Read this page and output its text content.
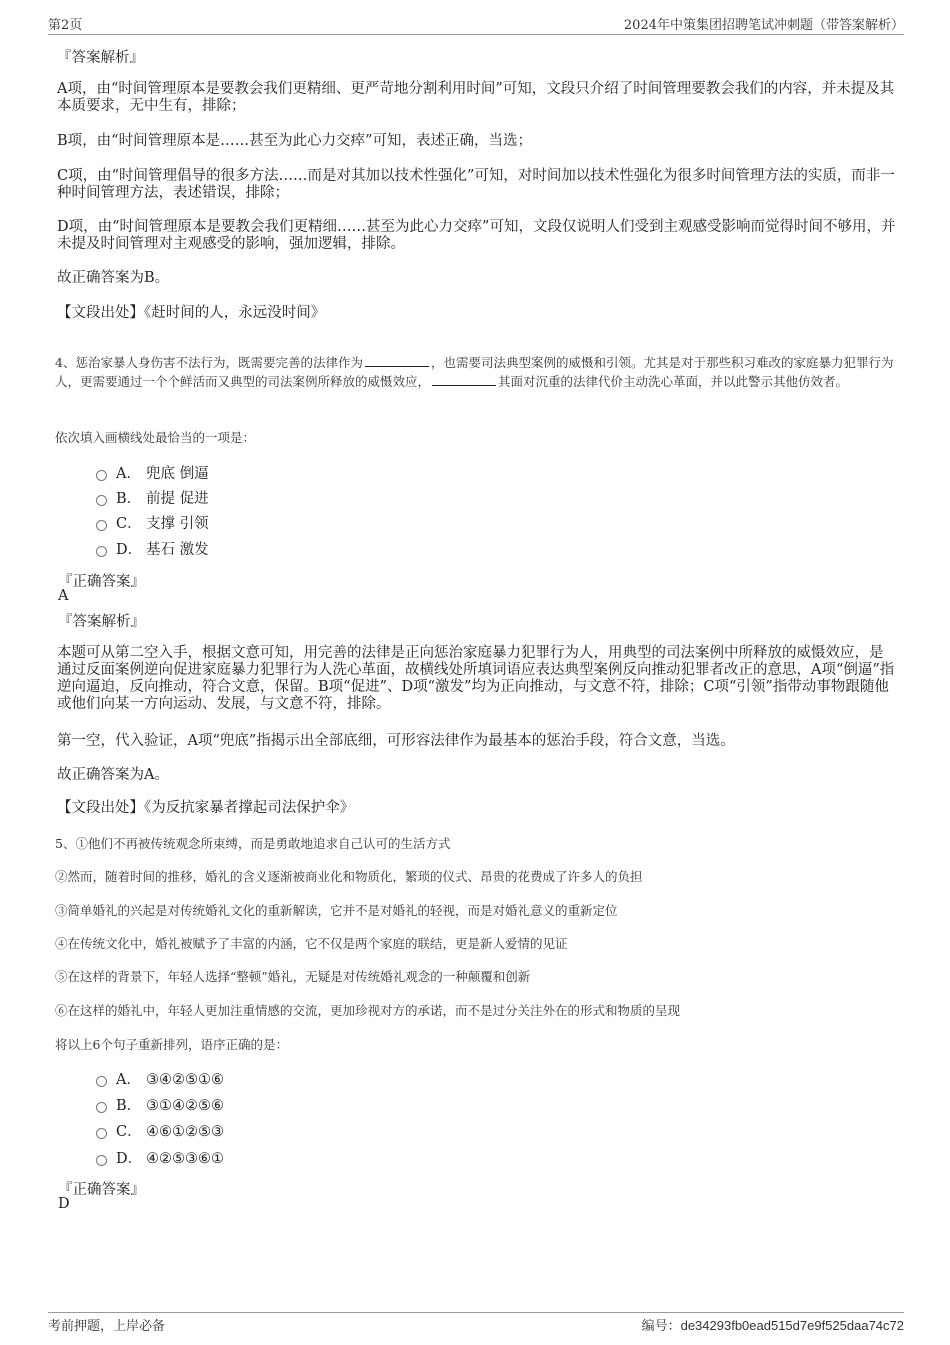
第2页	2024年中策集团招聘笔试冲刺题（带答案解析）
『答案解析』

A项，由“时间管理原本是要教会我们更精细、更严苛地分割利用时间”可知，文段只介绍了时间管理要教会我们的内容，并未提及其本质要求，无中生有，排除；

B项，由“时间管理原本是……甚至为此心力交瘁”可知，表述正确，当选；

C项，由“时间管理倡导的很多方法……而是对其加以技术性强化”可知，对时间加以技术性强化为很多时间管理方法的实质，而非一种时间管理方法，表述错误，排除；

D项，由“时间管理原本是要教会我们更精细……甚至为此心力交瘁”可知，文段仅说明人们受到主观感受影响而觉得时间不够用，并未提及时间管理对主观感受的影响，强加逻辑，排除。

故正确答案为B。

【文段出处】《赶时间的人，永远没时间》

4、惩治家暴人身伤害不法行为，既需要完善的法律作为	，也需要司法典型案例的威慑和引领。尤其是对于那些积习难改的家庭暴力犯罪行为人，更需要通过一个个鲜活而又典型的司法案例所释放的威慑效应，	其面对沉重的法律代价主动洗心革面，并以此警示其他仿效者。

依次填入画横线处最恰当的一项是：

A． 兜底 倒逼
B． 前提 促进
C． 支撑 引领
D． 基石 激发
『正确答案』
A
『答案解析』

本题可从第二空入手，根据文意可知，用完善的法律是正向惩治家庭暴力犯罪行为人，用典型的司法案例中所释放的威慑效应，是通过反面案例逆向促进家庭暴力犯罪行为人洗心革面，故横线处所填词语应表达典型案例反向推动犯罪者改正的意思，A项“倒逼”指逆向逼迫，反向推动，符合文意，保留。B项“促进”、D项“激发”均为正向推动，与文意不符，排除；C项“引领”指带动事物跟随他或他们向某一方向运动、发展，与文意不符，排除。

第一空，代入验证，A项“兜底”指揭示出全部底细，可形容法律作为最基本的惩治手段，符合文意，当选。

故正确答案为A。

【文段出处】《为反抗家暴者撑起司法保护伞》

5、①他们不再被传统观念所束缚，而是勇敢地追求自己认可的生活方式

②然而，随着时间的推移，婚礼的含义逐渐被商业化和物质化，繁琐的仪式、昂贵的花费成了许多人的负担

③简单婚礼的兴起是对传统婚礼文化的重新解读，它并不是对婚礼的轻视，而是对婚礼意义的重新定位

④在传统文化中，婚礼被赋予了丰富的内涵，它不仅是两个家庭的联结，更是新人爱情的见证

⑤在这样的背景下，年轻人选择“整顿”婚礼，无疑是对传统婚礼观念的一种颠覆和创新

⑥在这样的婚礼中，年轻人更加注重情感的交流，更加珍视对方的承诺，而不是过分关注外在的形式和物质的呈现

将以上6个句子重新排列，语序正确的是：

A． ③④②⑤①⑥
B． ③①④②⑤⑥
C． ④⑥①②⑤③
D． ④②⑤③⑥①
『正确答案』
D
考前押题，上岸必备	编号：de34293fb0ead515d7e9f525daa74c72
